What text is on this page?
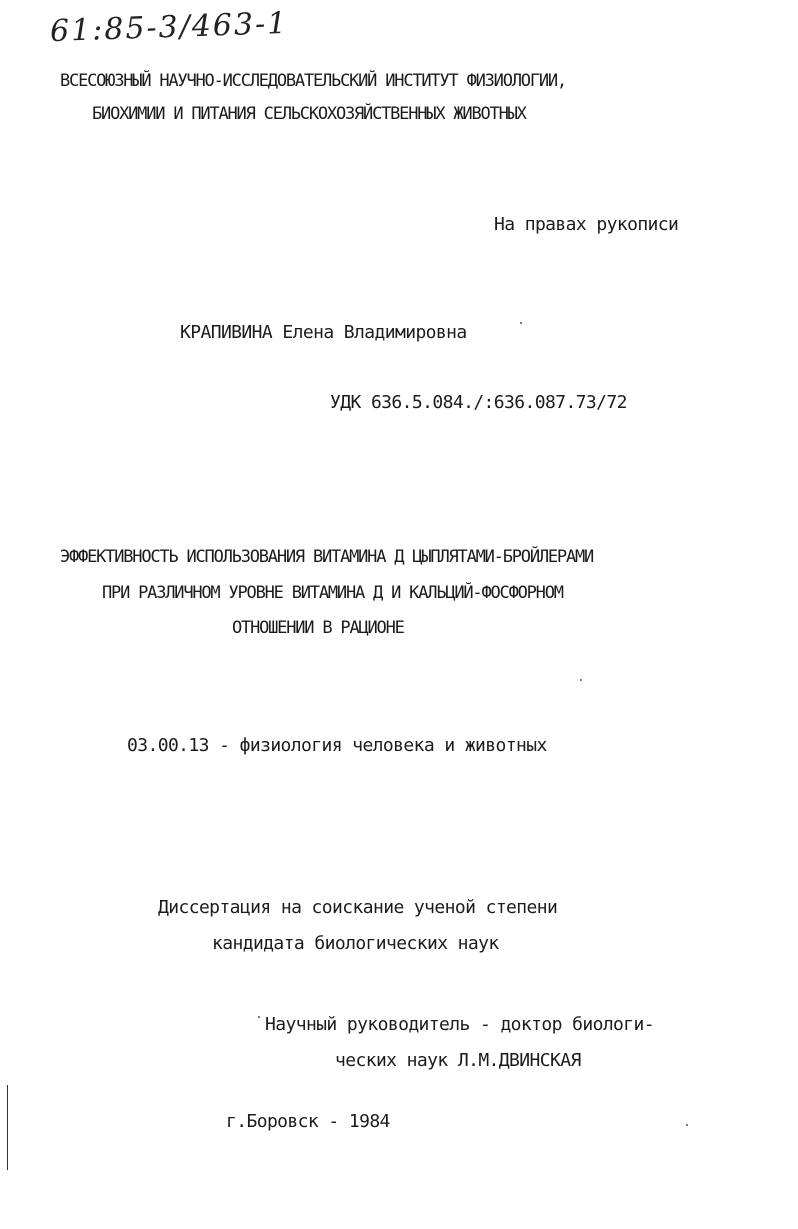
61:85-3/463-1
ВСЕСОЮЗНЫЙ НАУЧНО-ИССЛЕДОВАТЕЛЬСКИЙ ИНСТИТУТ ФИЗИОЛОГИИ,
БИОХИМИИ И ПИТАНИЯ СЕЛЬСКОХОЗЯЙСТВЕННЫХ ЖИВОТНЫХ
На правах рукописи
КРАПИВИНА Елена Владимировна
УДК 636.5.084./:636.087.73/72
ЭФФЕКТИВНОСТЬ ИСПОЛЬЗОВАНИЯ ВИТАМИНА Д ЦЫПЛЯТАМИ-БРОЙЛЕРАМИ
ПРИ РАЗЛИЧНОМ УРОВНЕ ВИТАМИНА Д И КАЛЬЦИЙ-ФОСФОРНОМ
ОТНОШЕНИИ В РАЦИОНЕ
03.00.13 - физиология человека и животных
Диссертация на соискание ученой степени
кандидата биологических наук
Научный руководитель - доктор биологи-
ческих наук Л.М.ДВИНСКАЯ
г.Боровск - 1984
